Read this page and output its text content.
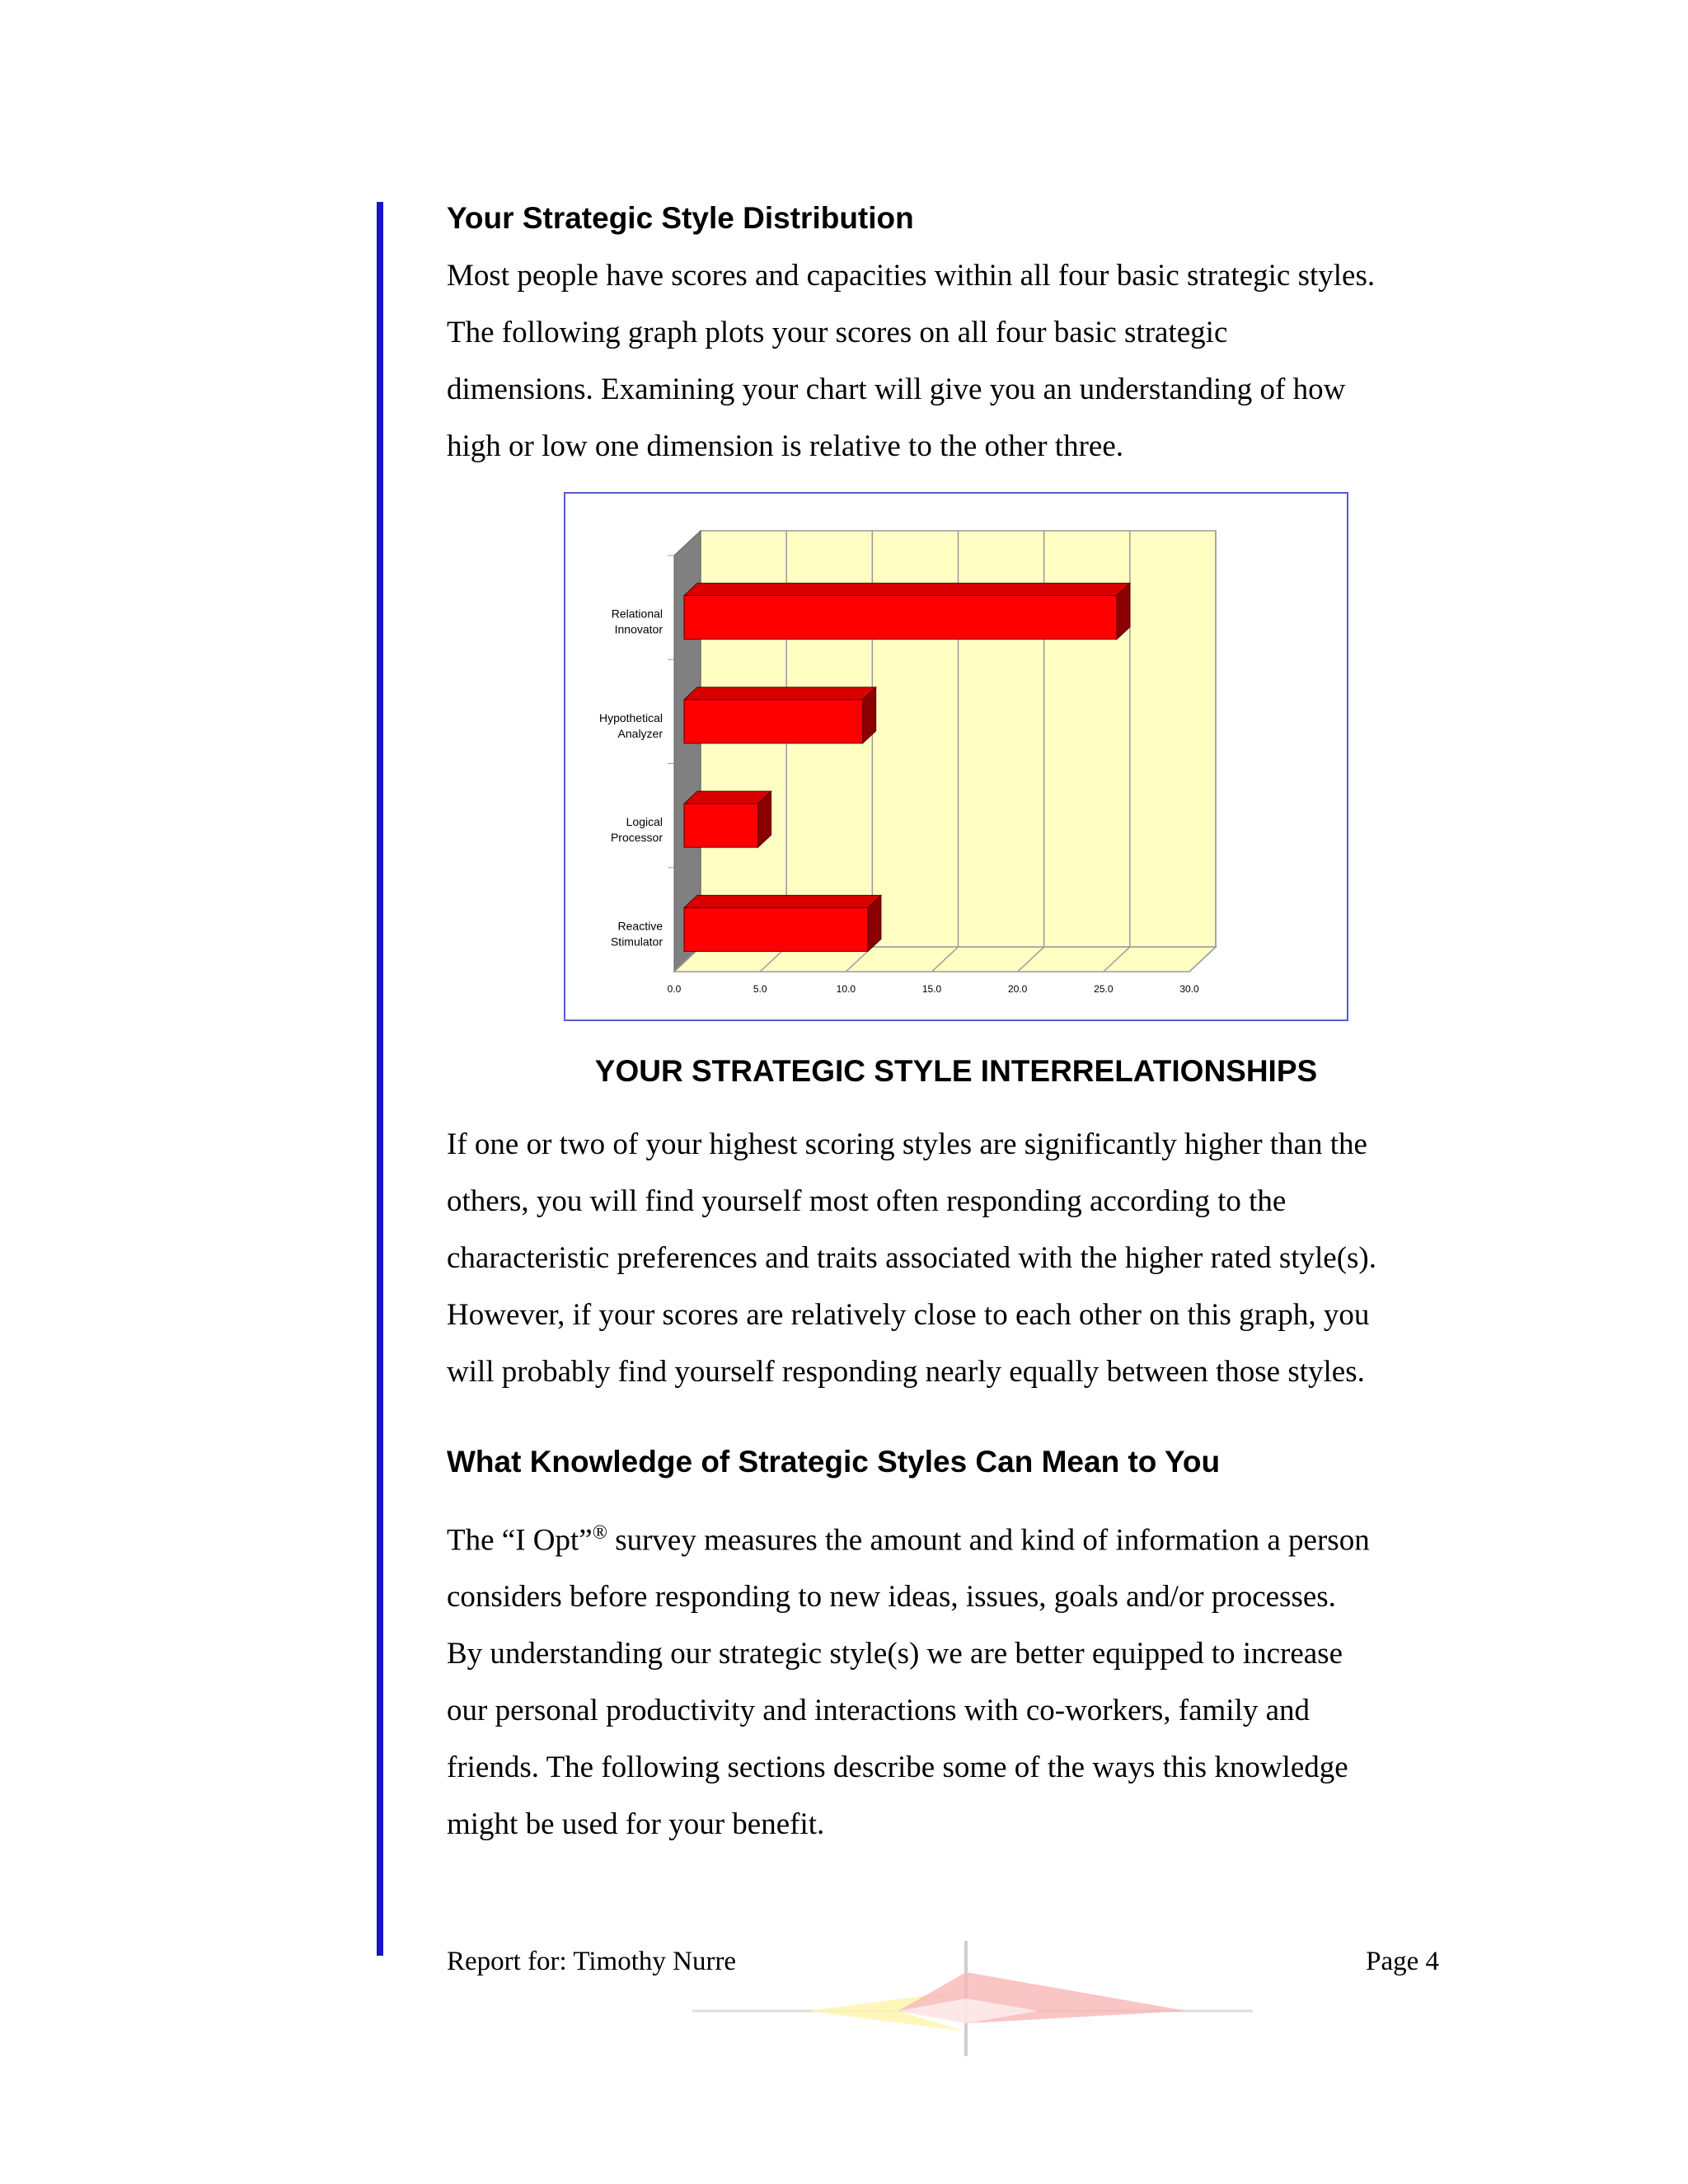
Your Strategic Style Distribution

Most people have scores and capacities within all four basic strategic styles.

The following graph plots your scores on all four basic strategic

dimensions. Examining your chart will give you an understanding of how

high or low one dimension is relative to the other three.

0.0	5.0	10.0	15.0	20.0	25.0	30.0
Relational
Innovator
Hypothetical
Analyzer
Logical
Processor
Reactive
Stimulator
YOUR STRATEGIC STYLE INTERRELATIONSHIPS

If one or two of your highest scoring styles are significantly higher than the

others, you will find yourself most often responding according to the

characteristic preferences and traits associated with the higher rated style(s).

However, if your scores are relatively close to each other on this graph, you

will probably find yourself responding nearly equally between those styles.

What Knowledge of Strategic Styles Can Mean to You

The “I Opt”® survey measures the amount and kind of information a person

considers before responding to new ideas, issues, goals and/or processes.

By understanding our strategic style(s) we are better equipped to increase

our personal productivity and interactions with co-workers, family and

friends. The following sections describe some of the ways this knowledge

might be used for your benefit.

Report for: Timothy Nurre	Page 4
